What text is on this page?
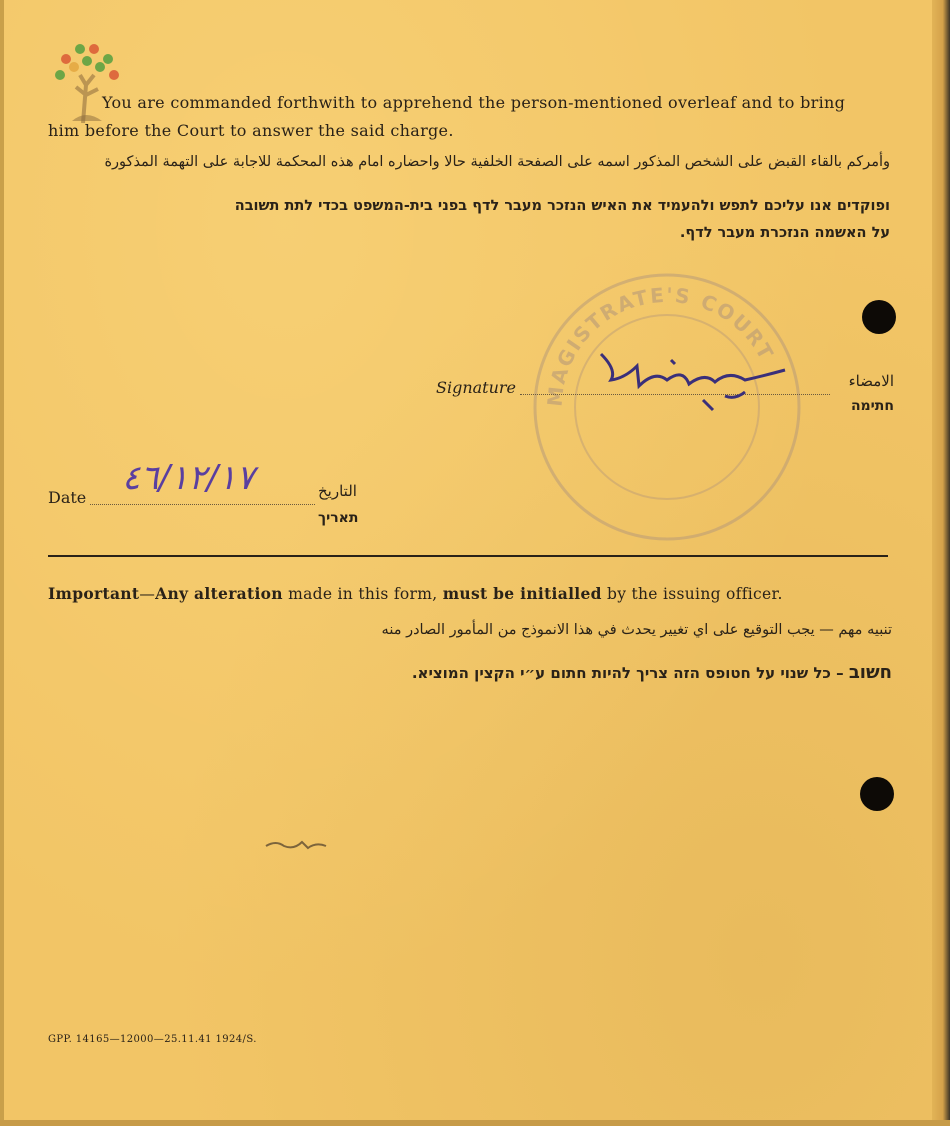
You are commanded forthwith to apprehend the person-mentioned overleaf and to bring
him before the Court to answer the said charge.
وأمركم بالقاء القبض على الشخص المذكور اسمه على الصفحة الخلفية حالا واحضاره امام هذه المحكمة للاجابة على التهمة المذكورة
ופוקדים אנו עליכם לתפש ולהעמיד את האיש הנזכר מעבר לדף בפני בית-המשפט בכדי לתת תשובה
על האשמה הנזכרת מעבר לדף.
MAGISTRATE'S COURT
Signature	الامضاء
חתימה
Date ٤٦/١٢/١٧	التاريخ
תאריך
Important—Any alteration made in this form, must be initialled by the issuing officer.
تنبيه مهم — يجب التوقيع على اي تغيير يحدث في هذا الانموذج من المأمور الصادر منه
חשוב – כל שנוי על חטופס הזה צריך להיות חתום ע״י הקצין המוציא.
GPP. 14165—12000—25.11.41 1924/S.
